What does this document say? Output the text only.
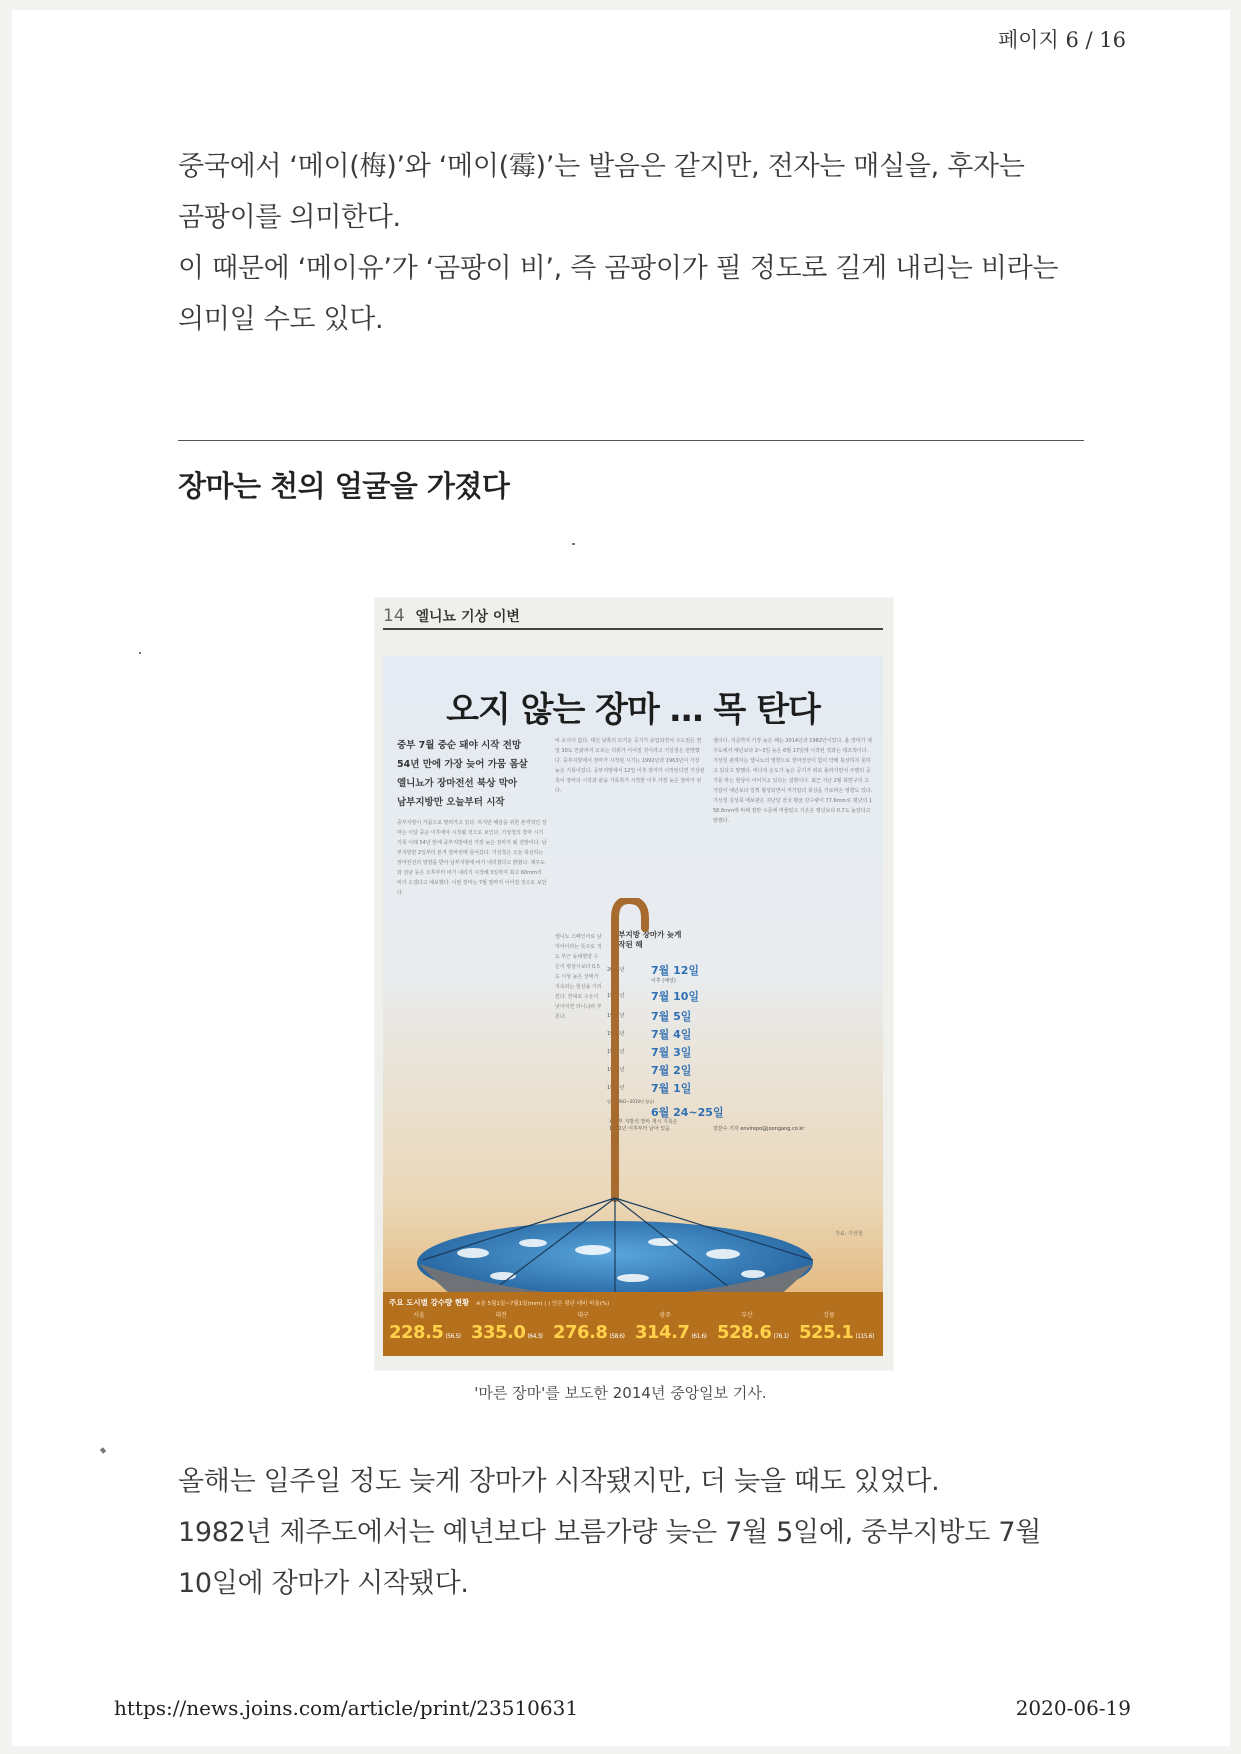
페이지 6 / 16
중국에서 ‘메이(梅)’와 ‘메이(霉)’는 발음은 같지만, 전자는 매실을, 후자는
곰팡이를 의미한다.
이 때문에 ‘메이유’가 ‘곰팡이 비’, 즉 곰팡이가 필 정도로 길게 내리는 비라는
의미일 수도 있다.
장마는 천의 얼굴을 가졌다
14 엘니뇨 기상 이변
오지 않는 장마 … 목 탄다
중부 7월 중순 돼야 시작 전망
54년 만에 가장 늦어 가뭄 몸살
엘니뇨가 장마전선 북상 막아
남부지방만 오늘부터 시작
중부지방이 가뭄으로 말라가고 있다. 하지만 해갈을 위한 본격적인 장마는 이달 중순 이후에야 시작될 것으로 보인다. 기상청의 장마 시기 기록 이래 54년 만에 중부지방에선 가장 늦은 장마가 될 전망이다. 남부지방만 2일부터 본격 장마권에 들어갔다. 기상청은 오늘 북상하는 장마전선의 영향을 받아 남부지방에 비가 내리겠다고 밝혔다. 제주도와 전남 등은 오후부터 비가 내리기 시작해 3일까지 최고 60mm의 비가 오겠다고 예보했다. 이번 장마는 7월 말까지 이어질 것으로 보인다.
비 소식이 없다. 대신 남쪽의 뜨거운 공기가 유입되면서 수도권은 연일 30도 안팎까지 오르는 더위가 이어질 것이라고 기상청은 전망했다. 중부지방에서 장마가 시작된 시기는 1992년과 1963년이 가장 늦은 기록이었다. 중부지방에서 12일 이후 장마가 시작된다면 기상관측이 장마의 시작과 끝을 기록하기 시작한 이후 가장 늦은 장마가 된다.
엘니뇨 스페인어로 남자아이라는 뜻으로 적도 부근 동태평양 수온이 평상시보다 0.5도 이상 높은 상태가 지속되는 현상을 가리킨다. 반대로 수온이 낮아지면 라니냐라 부른다.
셈이다. 지금까지 가장 늦은 해는 2014년과 1982년이었다. 올 장마가 제주도에서 예년보다 2~3일 늦은 6월 17일에 시작된 것과는 대조적이다. 기상청 관계자는 엘니뇨의 영향으로 장마전선이 힘이 약해 북상하지 못하고 있다고 말했다. 바다의 온도가 높은 공기가 위로 올라가면서 주변의 공기를 막는 현상이 이어지고 있다는 설명이다. 최근 지난 2월 북반구의 고기압이 예년보다 일찍 형성되면서 저기압의 북상을 가로막은 영향도 있다. 기상청 김성묵 예보관은 지난달 전국 평균 강수량이 77.6mm로 평년의 158.6mm에 비해 절반 수준에 머물렀고 기온은 평년보다 0.7도 높았다고 말했다.
강찬수 기자 envirepo@joongang.co.kr
중부지방 장마가 늦게 시작된 해
2014년 7월 12일
이후 (예상)
1982년 7월 10일
1987년 7월 5일
1988년 7월 4일
1962년 7월 3일
1992년 7월 2일
1984년 7월 1일
평년(1981~2010년 평균)
6월 24~25일
※중부 지방의 장마 개시 기록은 1961년 이후부터 남아 있음
자료: 기상청
주요 도시별 강수량 현황 ※올 5월1일~7월1일(mm) ( ) 안은 평년 대비 비율(%)
서울
228.5 (56.5)
대전
335.0 (64.3)
대구
276.8 (58.6)
광주
314.7 (61.6)
부산
528.6 (76.1)
강릉
525.1 (115.6)
'마른 장마'를 보도한 2014년 중앙일보 기사.
올해는 일주일 정도 늦게 장마가 시작됐지만, 더 늦을 때도 있었다.
1982년 제주도에서는 예년보다 보름가량 늦은 7월 5일에, 중부지방도 7월
10일에 장마가 시작됐다.
https://news.joins.com/article/print/23510631	2020-06-19
